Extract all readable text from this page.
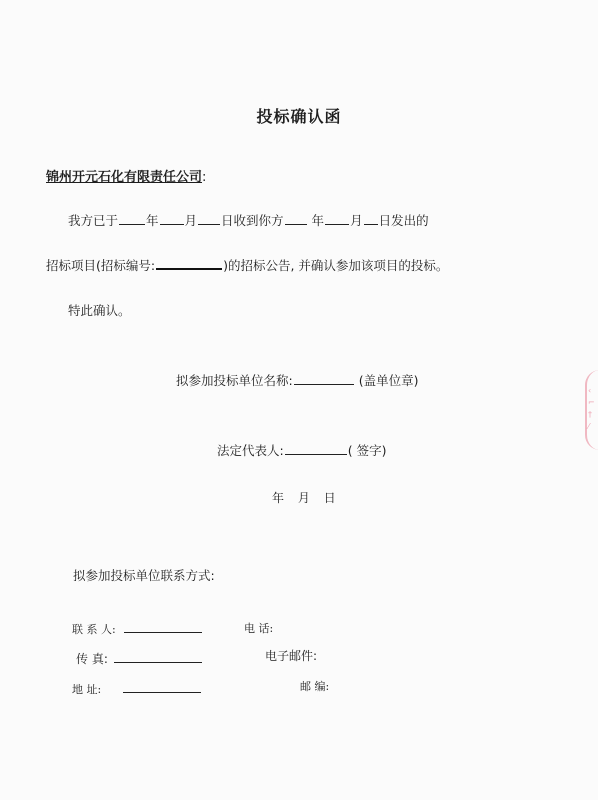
投标确认函
锦州开元石化有限责任公司:
我方已于 年 月 日收到你方 年 月 日发出的
招标项目(招标编号:	)的招标公告, 并确认参加该项目的投标。
特此确认。
拟参加投标单位名称:	(盖单位章)
法定代表人:	( 签字)
年 月 日
拟参加投标单位联系方式:
联 系 人:	电 话:
传 真:	电子邮件:
地 址:	邮 编:
‹
⌐
†
⁄
